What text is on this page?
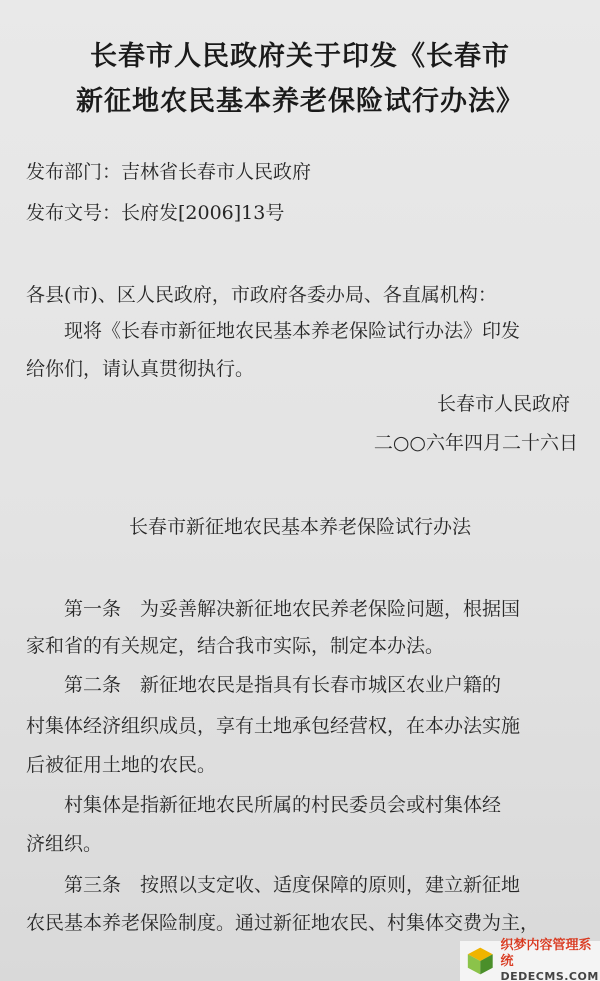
长春市人民政府关于印发《长春市
新征地农民基本养老保险试行办法》
发布部门：吉林省长春市人民政府
发布文号：长府发[2006]13号
各县(市)、区人民政府，市政府各委办局、各直属机构：
现将《长春市新征地农民基本养老保险试行办法》印发
给你们，请认真贯彻执行。
长春市人民政府
二○○六年四月二十六日
长春市新征地农民基本养老保险试行办法
第一条　为妥善解决新征地农民养老保险问题，根据国
家和省的有关规定，结合我市实际，制定本办法。
第二条　新征地农民是指具有长春市城区农业户籍的
村集体经济组织成员，享有土地承包经营权，在本办法实施
后被征用土地的农民。
村集体是指新征地农民所属的村民委员会或村集体经
济组织。
第三条　按照以支定收、适度保障的原则，建立新征地
农民基本养老保险制度。通过新征地农民、村集体交费为主，
织梦内容管理系统
DEDECMS.COM
